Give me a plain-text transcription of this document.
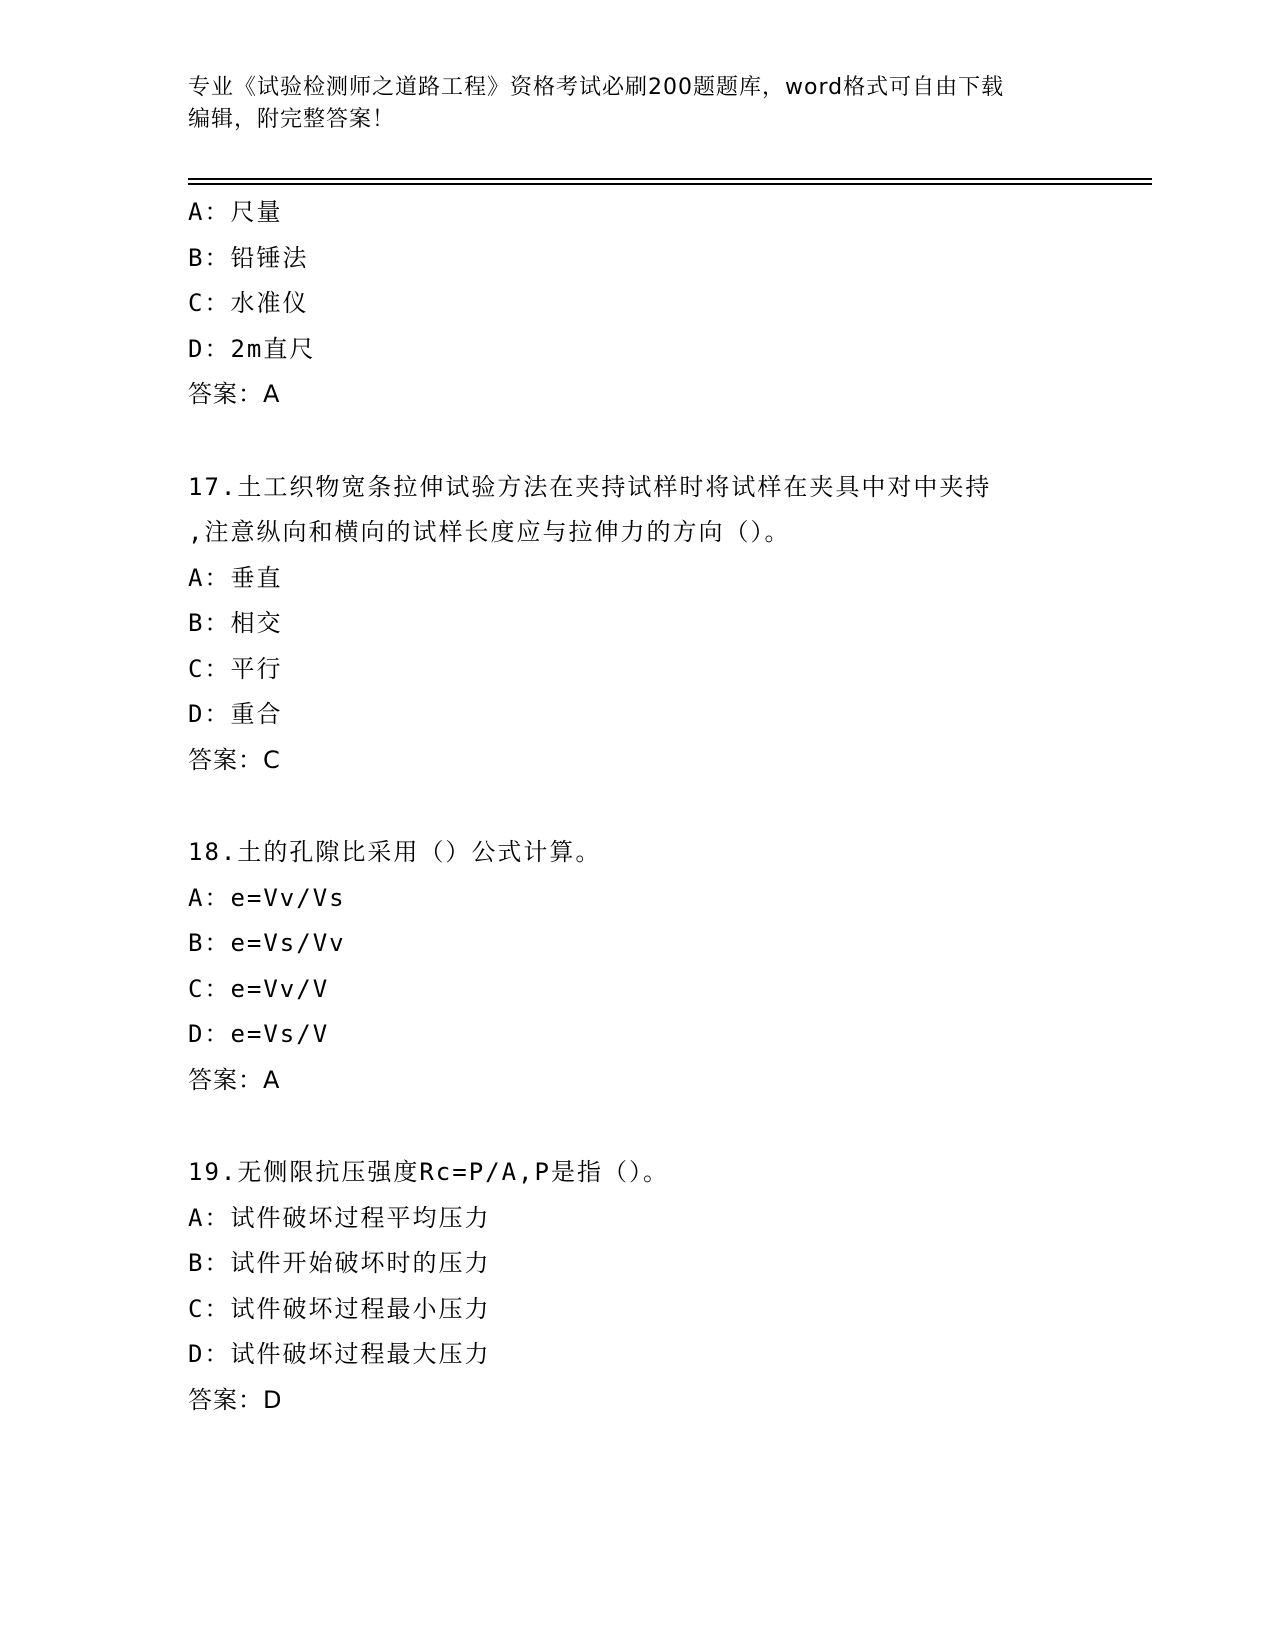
专业《试验检测师之道路工程》资格考试必刷200题题库，word格式可自由下载
编辑，附完整答案！
A：尺量
B：铅锤法
C：水准仪
D：2m直尺
答案：A
17.土工织物宽条拉伸试验方法在夹持试样时将试样在夹具中对中夹持
,注意纵向和横向的试样长度应与拉伸力的方向（）。
A：垂直
B：相交
C：平行
D：重合
答案：C
18.土的孔隙比采用（）公式计算。
A：e=Vv/Vs
B：e=Vs/Vv
C：e=Vv/V
D：e=Vs/V
答案：A
19.无侧限抗压强度Rc=P/A,P是指（）。
A：试件破坏过程平均压力
B：试件开始破坏时的压力
C：试件破坏过程最小压力
D：试件破坏过程最大压力
答案：D
